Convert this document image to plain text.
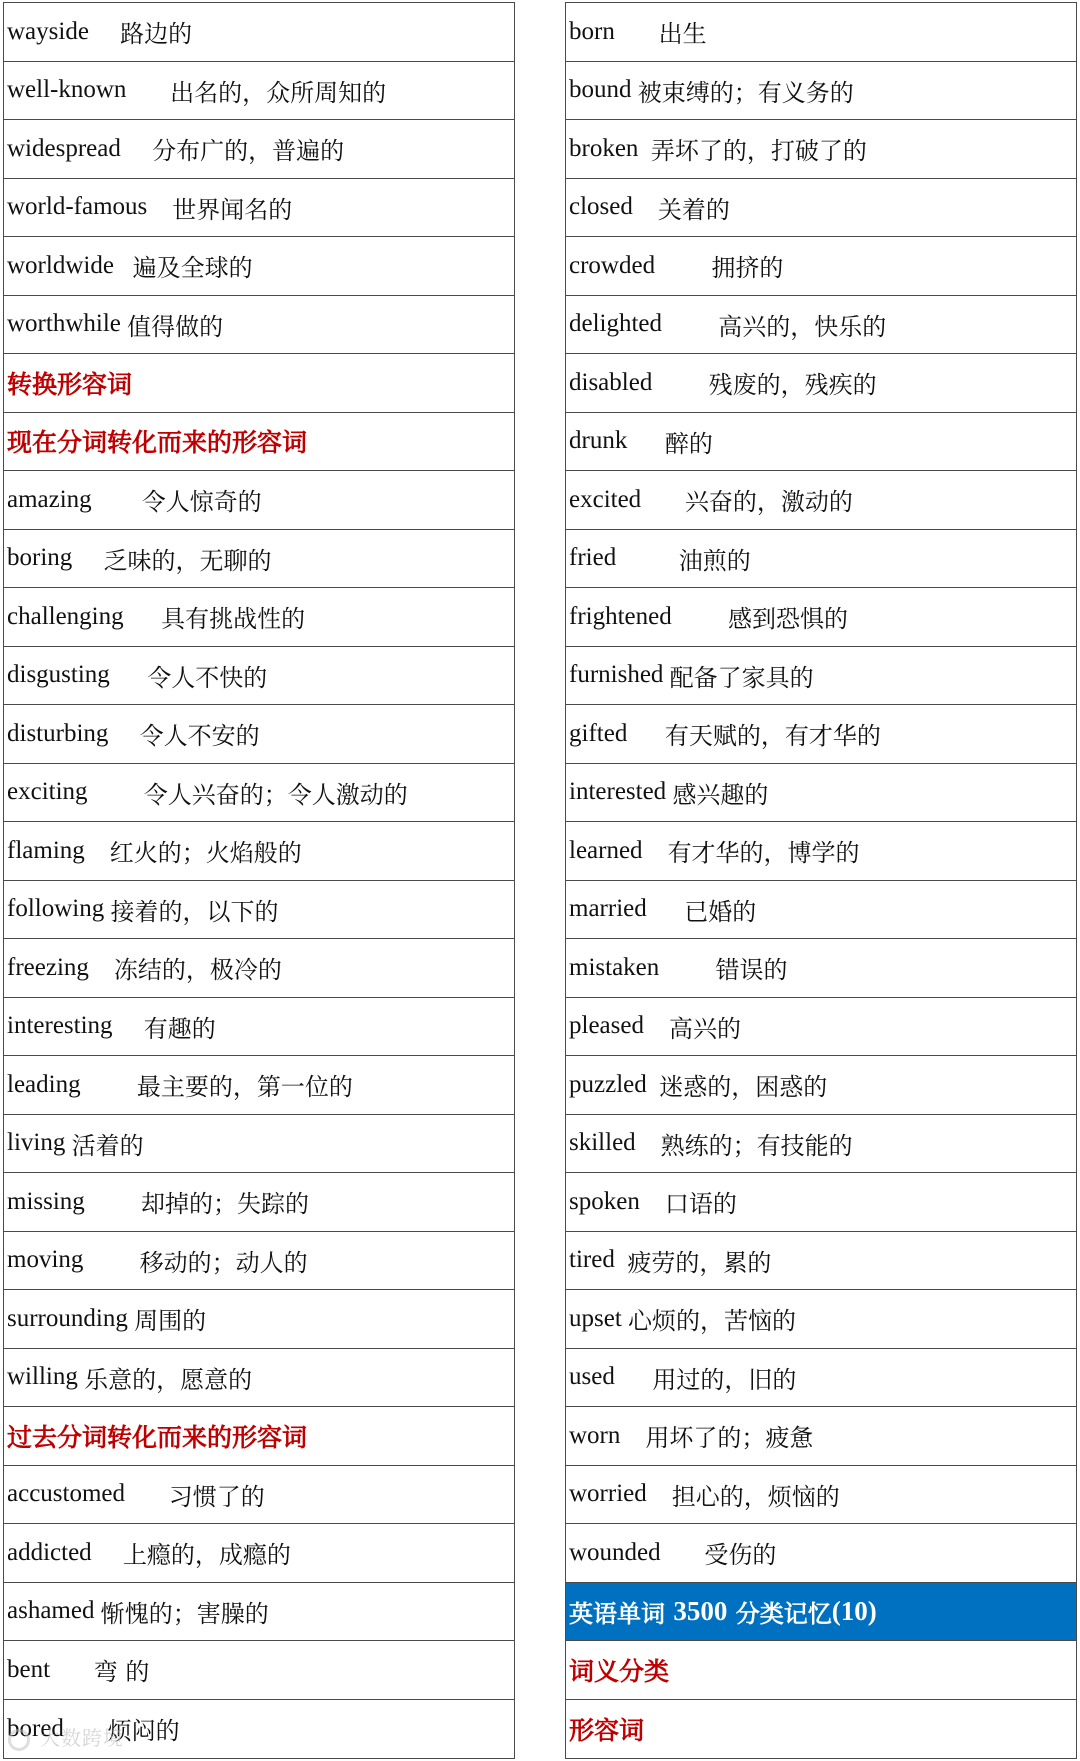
wayside
路边的
well-known
出名的，众所周知的
widespread
分布广的，普遍的
world-famous
世界闻名的
worldwide
遍及全球的
worthwhile
值得做的
转换形容词
现在分词转化而来的形容词
amazing
令人惊奇的
boring
乏味的，无聊的
challenging
具有挑战性的
disgusting
令人不快的
disturbing
令人不安的
exciting
令人兴奋的；令人激动的
flaming
红火的；火焰般的
following
接着的，以下的
freezing
冻结的，极冷的
interesting
有趣的
leading
最主要的，第一位的
living
活着的
missing
却掉的；失踪的
moving
移动的；动人的
surrounding
周围的
willing
乐意的，愿意的
过去分词转化而来的形容词
accustomed
习惯了的
addicted
上瘾的，成瘾的
ashamed
惭愧的；害臊的
bent
弯 的
bored
烦闷的
born
出生
bound
被束缚的；有义务的
broken
弄坏了的，打破了的
closed
关着的
crowded
拥挤的
delighted
高兴的，快乐的
disabled
残废的，残疾的
drunk
醉的
excited
兴奋的，激动的
fried
	油煎的
frightened
感到恐惧的
furnished
配备了家具的
gifted
有天赋的，有才华的
interested
感兴趣的
learned
有才华的，博学的
married
已婚的
mistaken
错误的
pleased
高兴的
puzzled
迷惑的，困惑的
skilled
熟练的；有技能的
spoken
口语的
tired
疲劳的，累的
upset
心烦的，苦恼的
used
用过的，旧的
worn
用坏了的；疲惫
worried
担心的，烦恼的
wounded
受伤的
英语单词 3500 分类记忆 (10)
词义分类
形容词
大数跨境
